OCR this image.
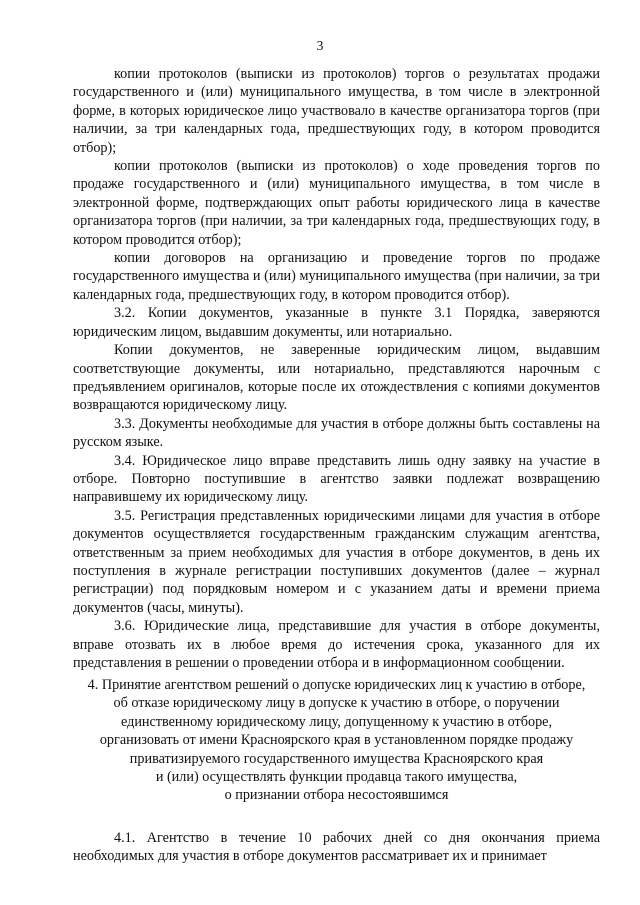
3

копии протоколов (выписки из протоколов) торгов о результатах продажи государственного и (или) муниципального имущества, в том числе в электронной форме, в которых юридическое лицо участвовало в качестве организатора торгов (при наличии, за три календарных года, предшествующих году, в котором проводится отбор);

копии протоколов (выписки из протоколов) о ходе проведения торгов по продаже государственного и (или) муниципального имущества, в том числе в электронной форме, подтверждающих опыт работы юридического лица в качестве организатора торгов (при наличии, за три календарных года, предшествующих году, в котором проводится отбор);

копии договоров на организацию и проведение торгов по продаже государственного имущества и (или) муниципального имущества (при наличии, за три календарных года, предшествующих году, в котором проводится отбор).

3.2. Копии документов, указанные в пункте 3.1 Порядка, заверяются юридическим лицом, выдавшим документы, или нотариально.

Копии документов, не заверенные юридическим лицом, выдавшим соответствующие документы, или нотариально, представляются нарочным с предъявлением оригиналов, которые после их отождествления с копиями документов возвращаются юридическому лицу.

3.3. Документы необходимые для участия в отборе должны быть составлены на русском языке.

3.4. Юридическое лицо вправе представить лишь одну заявку на участие в отборе. Повторно поступившие в агентство заявки подлежат возвращению направившему их юридическому лицу.

3.5. Регистрация представленных юридическими лицами для участия в отборе документов осуществляется государственным гражданским служащим агентства, ответственным за прием необходимых для участия в отборе документов, в день их поступления в журнале регистрации поступивших документов (далее – журнал регистрации) под порядковым номером и с указанием даты и времени приема документов (часы, минуты).

3.6. Юридические лица, представившие для участия в отборе документы, вправе отозвать их в любое время до истечения срока, указанного для их представления в решении о проведении отбора и в информационном сообщении.

4. Принятие агентством решений о допуске юридических лиц к участию в отборе,
об отказе юридическому лицу в допуске к участию в отборе, о поручении
единственному юридическому лицу, допущенному к участию в отборе,
организовать от имени Красноярского края в установленном порядке продажу
приватизируемого государственного имущества Красноярского края
и (или) осуществлять функции продавца такого имущества,
о признании отбора несостоявшимся

4.1. Агентство в течение 10 рабочих дней со дня окончания приема необходимых для участия в отборе документов рассматривает их и принимает
